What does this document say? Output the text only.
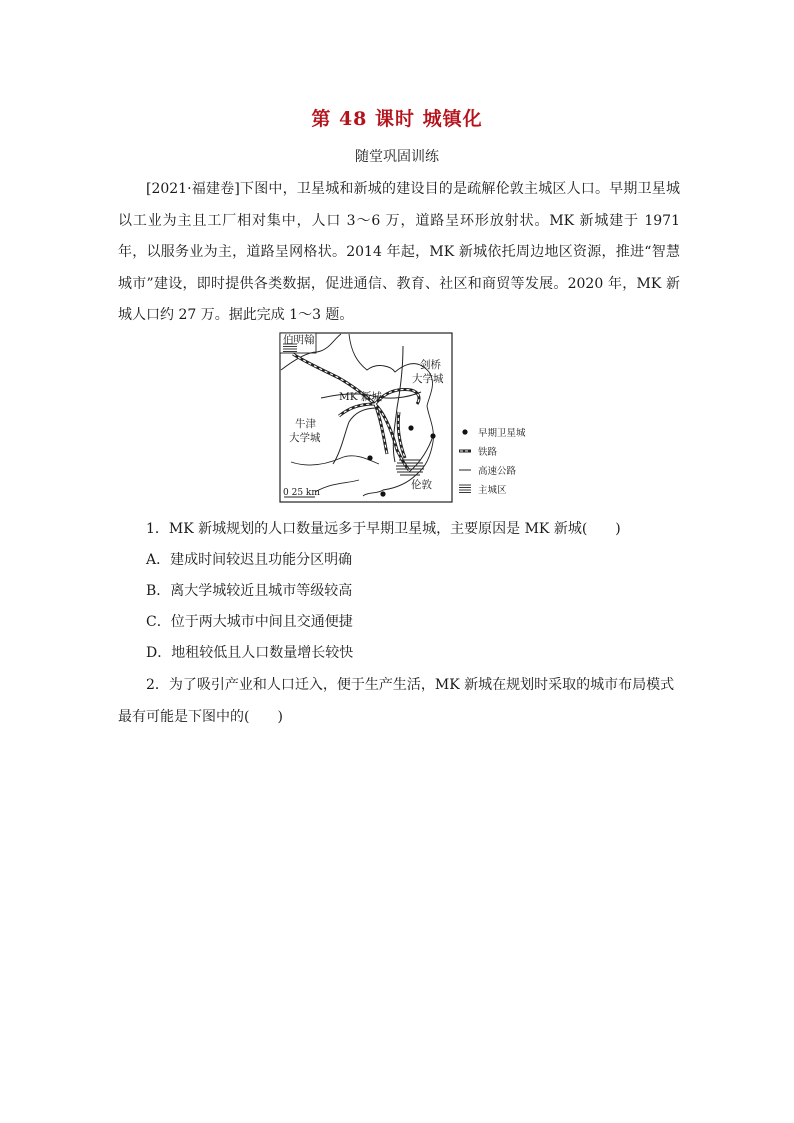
第 48 课时 城镇化
随堂巩固训练

[2021·福建卷]下图中，卫星城和新城的建设目的是疏解伦敦主城区人口。早期卫星城以工业为主且工厂相对集中，人口 3～6 万，道路呈环形放射状。MK 新城建于 1971 年，以服务业为主，道路呈网格状。2014 年起，MK 新城依托周边地区资源，推进“智慧城市”建设，即时提供各类数据，促进通信、教育、社区和商贸等发展。2020 年，MK 新城人口约 27 万。据此完成 1～3 题。

伯明翰
剑桥
大学城
MK 新城
牛津
大学城
伦敦
0 25 km
早期卫星城
铁路
高速公路
主城区

1．MK 新城规划的人口数量远多于早期卫星城，主要原因是 MK 新城(　　)

A．建成时间较迟且功能分区明确

B．离大学城较近且城市等级较高

C．位于两大城市中间且交通便捷

D．地租较低且人口数量增长较快

2．为了吸引产业和人口迁入，便于生产生活，MK 新城在规划时采取的城市布局模式最有可能是下图中的(　　)
